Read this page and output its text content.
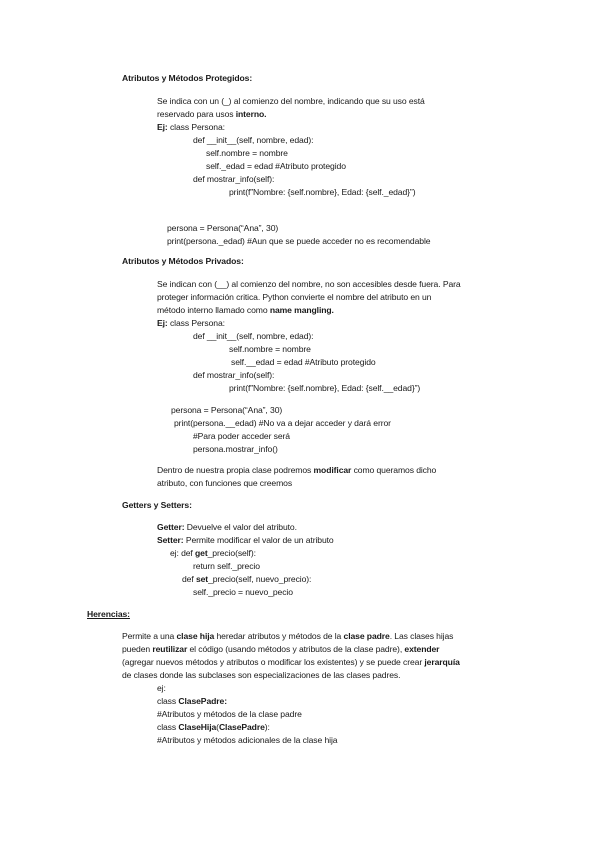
Atributos y Métodos Protegidos:
Se indica con un (_) al comienzo del nombre, indicando que su uso está
reservado para usos interno.
Ej: class Persona:
def __init__(self, nombre, edad):
self.nombre = nombre
self._edad = edad #Atributo protegido
def mostrar_info(self):
print(f”Nombre: {self.nombre}, Edad: {self._edad}”)
persona = Persona(“Ana”, 30)
print(persona._edad) #Aun que se puede acceder no es recomendable
Atributos y Métodos Privados:
Se indican con (__) al comienzo del nombre, no son accesibles desde fuera. Para
proteger información critica. Python convierte el nombre del atributo en un
método interno llamado como name mangling.
Ej: class Persona:
def __init__(self, nombre, edad):
self.nombre = nombre
self.__edad = edad #Atributo protegido
def mostrar_info(self):
print(f”Nombre: {self.nombre}, Edad: {self.__edad}”)
persona = Persona(“Ana”, 30)
print(persona.__edad) #No va a dejar acceder y dará error
#Para poder acceder será
persona.mostrar_info()
Dentro de nuestra propia clase podremos modificar como queramos dicho
atributo, con funciones que creemos
Getters y Setters:
Getter: Devuelve el valor del atributo.
Setter: Permite modificar el valor de un atributo
ej: def get_precio(self):
return self._precio
def set_precio(self, nuevo_precio):
self._precio = nuevo_pecio
Herencias:
Permite a una clase hija heredar atributos y métodos de la clase padre. Las clases hijas
pueden reutilizar el código (usando métodos y atributos de la clase padre), extender
(agregar nuevos métodos y atributos o modificar los existentes) y se puede crear jerarquía
de clases donde las subclases son especializaciones de las clases padres.
ej:
class ClasePadre:
#Atributos y métodos de la clase padre
class ClaseHija(ClasePadre):
#Atributos y métodos adicionales de la clase hija
